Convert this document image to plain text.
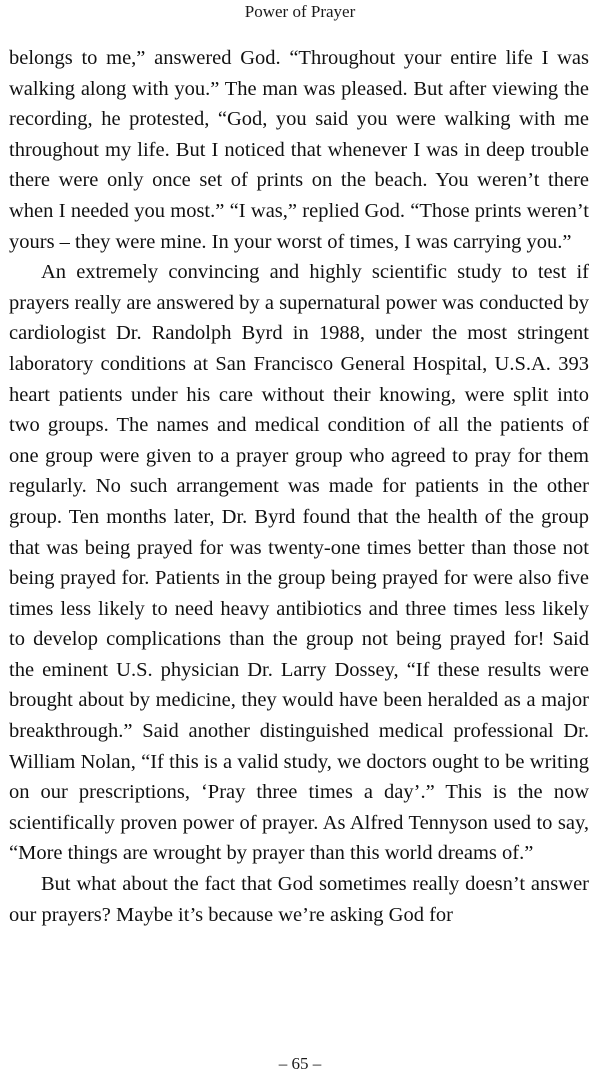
Power of Prayer

belongs to me,” answered God. “Throughout your entire life I was walking along with you.” The man was pleased. But after viewing the recording, he protested, “God, you said you were walking with me throughout my life. But I noticed that whenever I was in deep trouble there were only once set of prints on the beach. You weren’t there when I needed you most.” “I was,” replied God. “Those prints weren’t yours – they were mine. In your worst of times, I was carrying you.”

An extremely convincing and highly scientific study to test if prayers really are answered by a supernatural power was conducted by cardiologist Dr. Randolph Byrd in 1988, under the most stringent laboratory conditions at San Francisco General Hospital, U.S.A. 393 heart patients under his care without their knowing, were split into two groups. The names and medical condition of all the patients of one group were given to a prayer group who agreed to pray for them regularly. No such arrangement was made for patients in the other group. Ten months later, Dr. Byrd found that the health of the group that was being prayed for was twenty-one times better than those not being prayed for. Patients in the group being prayed for were also five times less likely to need heavy antibiotics and three times less likely to develop complications than the group not being prayed for! Said the eminent U.S. physician Dr. Larry Dossey, “If these results were brought about by medicine, they would have been heralded as a major breakthrough.” Said another distinguished medical professional Dr. William Nolan, “If this is a valid study, we doctors ought to be writing on our prescriptions, ‘Pray three times a day’.” This is the now scientifically proven power of prayer. As Alfred Tennyson used to say, “More things are wrought by prayer than this world dreams of.”

But what about the fact that God sometimes really doesn’t answer our prayers? Maybe it’s because we’re asking God for

– 65 –
